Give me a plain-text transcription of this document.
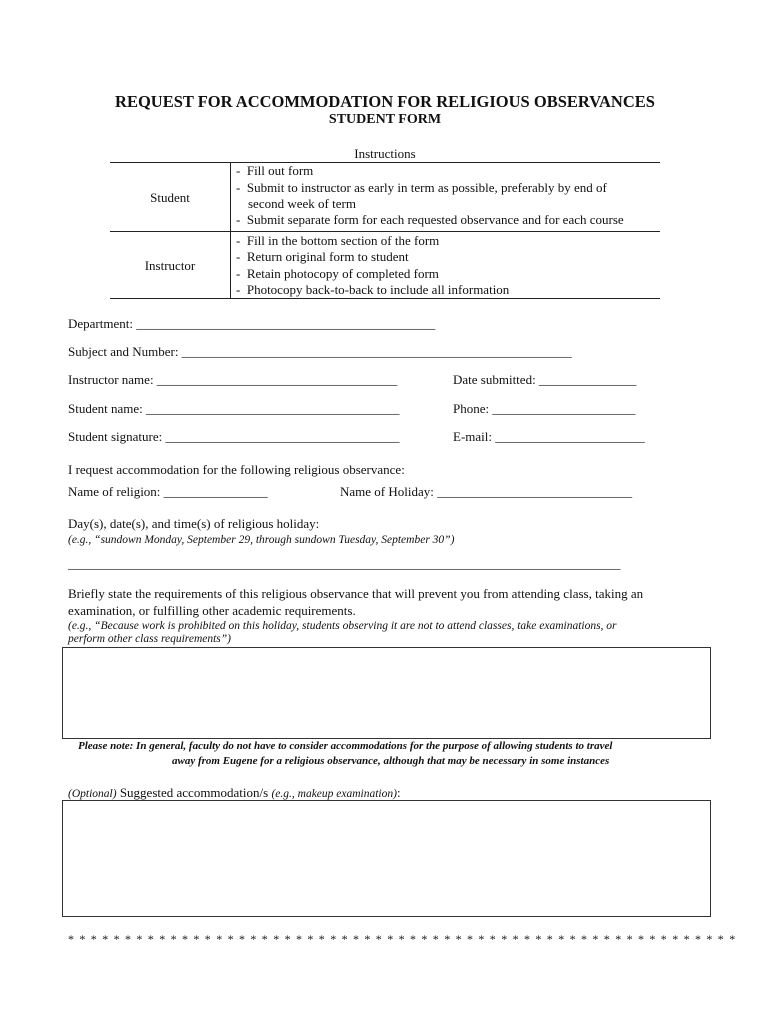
REQUEST FOR ACCOMMODATION FOR RELIGIOUS OBSERVANCES
STUDENT FORM
Instructions
Student
-  Fill out form
-  Submit to instructor as early in term as possible, preferably by end of
second week of term
-  Submit separate form for each requested observance and for each course
Instructor
-  Fill in the bottom section of the form
-  Return original form to student
-  Retain photocopy of completed form
-  Photocopy back-to-back to include all information
Department: ______________________________________________
Subject and Number: ____________________________________________________________
Instructor name: _____________________________________	Date submitted: _______________
Student name: _______________________________________	Phone: ______________________
Student signature: ____________________________________	E-mail: _______________________
I request accommodation for the following religious observance:
Name of religion: ________________	Name of Holiday: ______________________________
Day(s), date(s), and time(s) of religious holiday:
(e.g., “sundown Monday, September 29, through sundown Tuesday, September 30”)
_____________________________________________________________________________________
Briefly state the requirements of this religious observance that will prevent you from attending class, taking an
examination, or fulfilling other academic requirements.
(e.g., “Because work is prohibited on this holiday, students observing it are not to attend classes, take examinations, or
perform other class requirements”)
Please note: In general, faculty do not have to consider accommodations for the purpose of allowing students to travel
away from Eugene for a religious observance, although that may be necessary in some instances
(Optional) Suggested accommodation/s (e.g., makeup examination):
* * * * * * * * * * * * * * * * * * * * * * * * * * * * * * * * * * * * * * * * * * * * * * * * * * * * * * * * * * *
